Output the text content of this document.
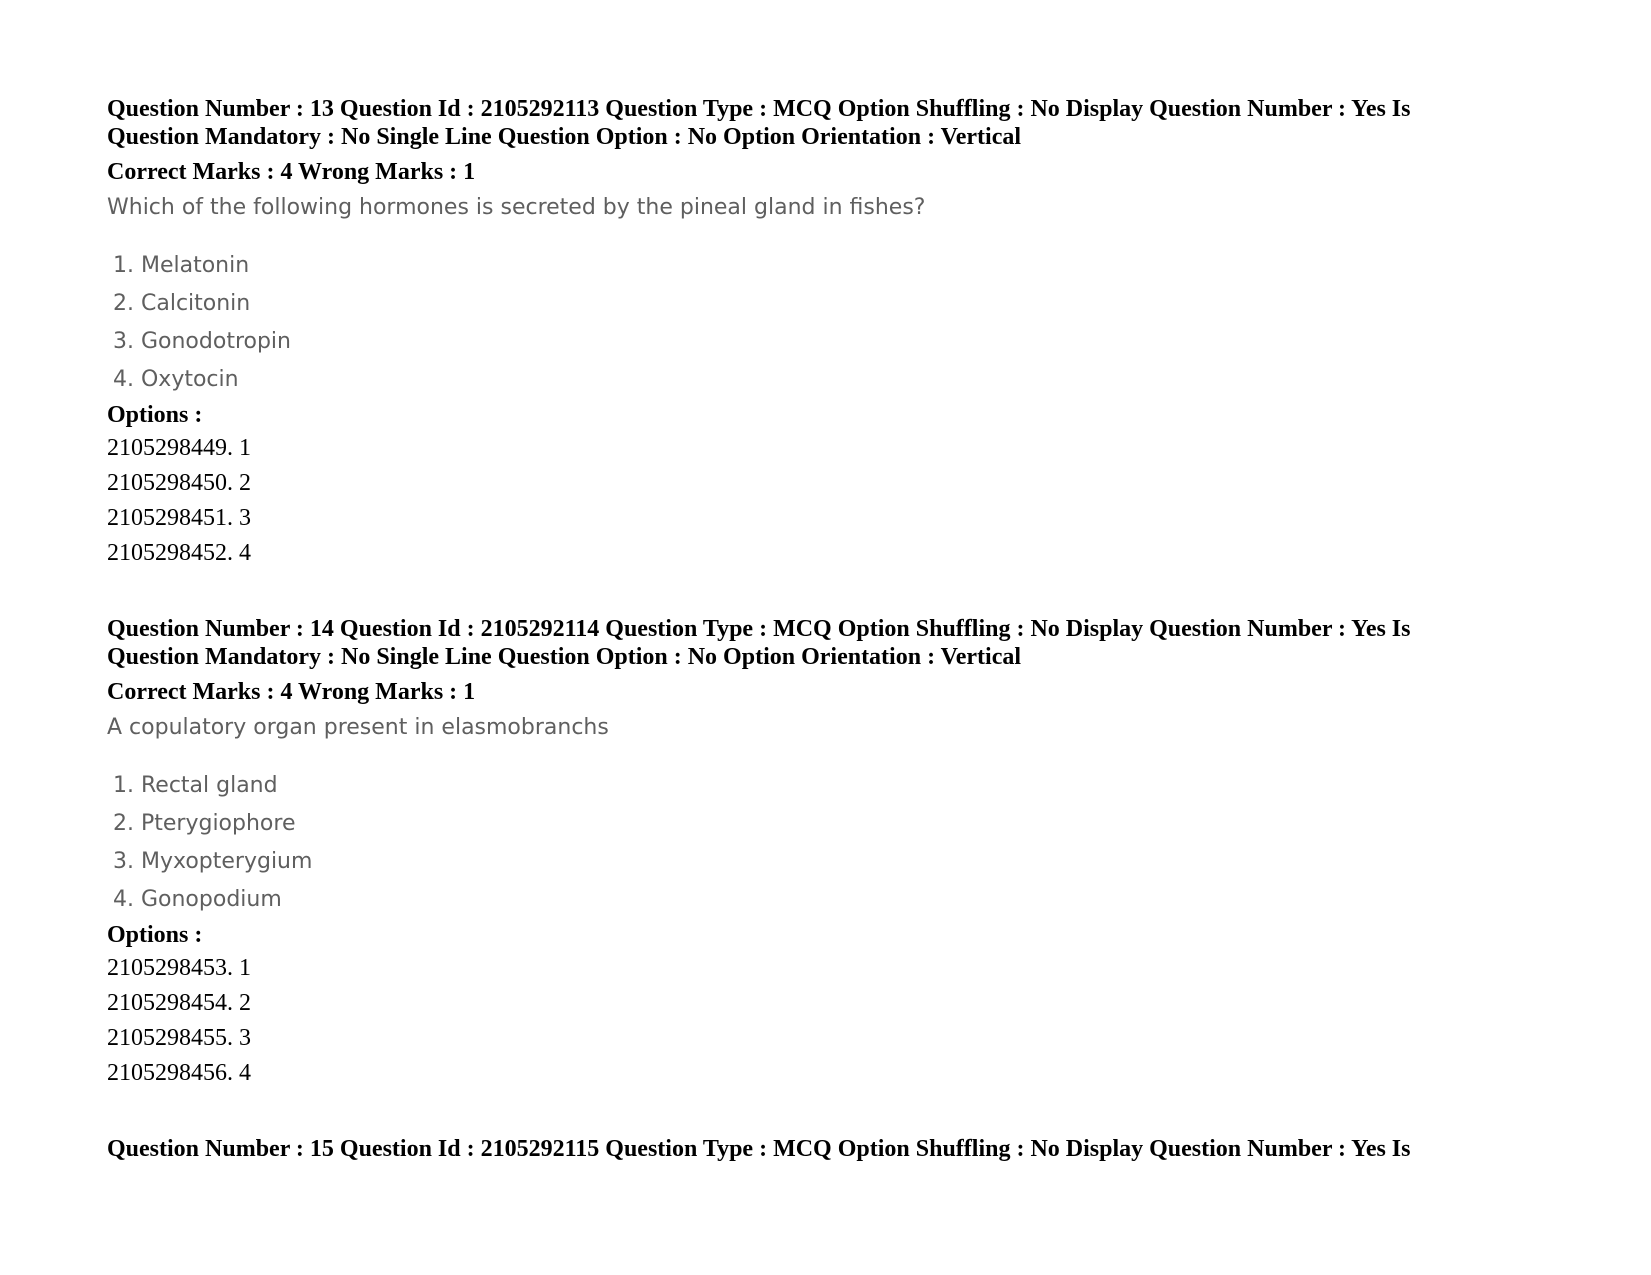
Question Number : 13 Question Id : 2105292113 Question Type : MCQ Option Shuffling : No Display Question Number : Yes Is

Question Mandatory : No Single Line Question Option : No Option Orientation : Vertical

Correct Marks : 4 Wrong Marks : 1

Which of the following hormones is secreted by the pineal gland in fishes?

1. Melatonin
2. Calcitonin
3. Gonodotropin
4. Oxytocin

Options :

2105298449. 1
2105298450. 2
2105298451. 3
2105298452. 4

Question Number : 14 Question Id : 2105292114 Question Type : MCQ Option Shuffling : No Display Question Number : Yes Is

Question Mandatory : No Single Line Question Option : No Option Orientation : Vertical

Correct Marks : 4 Wrong Marks : 1

A copulatory organ present in elasmobranchs

1. Rectal gland
2. Pterygiophore
3. Myxopterygium
4. Gonopodium

Options :

2105298453. 1
2105298454. 2
2105298455. 3
2105298456. 4

Question Number : 15 Question Id : 2105292115 Question Type : MCQ Option Shuffling : No Display Question Number : Yes Is
